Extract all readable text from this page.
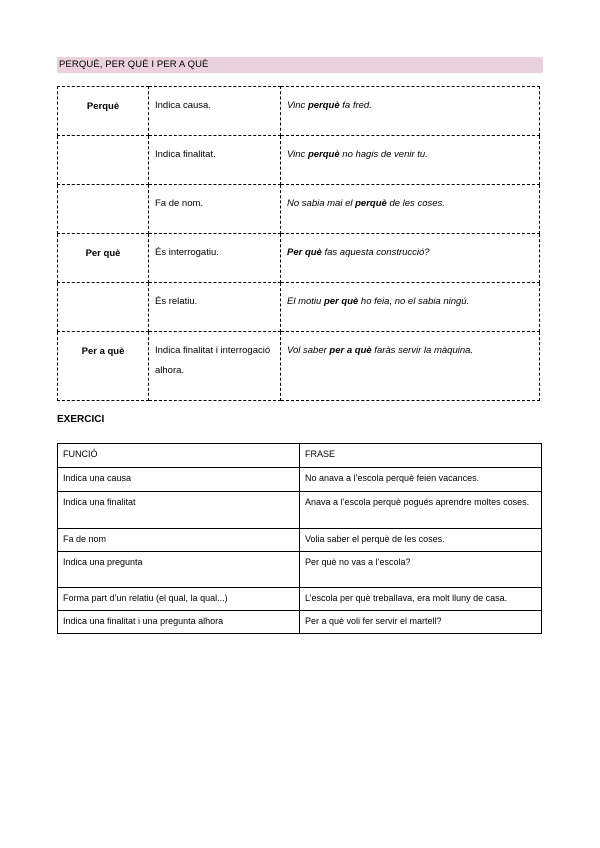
PERQUÈ, PER QUÈ I PER A QUÈ
Perquè	Indica causa.	Vinc perquè fa fred.
	Indica finalitat.	Vinc perquè no hagis de venir tu.
	Fa de nom.	No sabia mai el perquè de les coses.
Per què	És interrogatiu.	Per què fas aquesta construcció?
	És relatiu.	El motiu per què ho feia, no el sabia ningú.
Per a què	Indica finalitat i interrogació alhora.	Vol saber per a què faràs servir la màquina.
EXERCICI
FUNCIÓ	FRASE
Indica una causa	No anava a l’escola perquè feien vacances.
Indica una finalitat	Anava a l’escola perquè pogués aprendre moltes coses.
Fa de nom	Volia saber el perquè de les coses.
Indica una pregunta	Per què no vas a l’escola?
Forma part d’un relatiu (el qual, la qual...)	L’escola per què treballava, era molt lluny de casa.
Indica una finalitat i una pregunta alhora	Per a què voli fer servir el martell?
